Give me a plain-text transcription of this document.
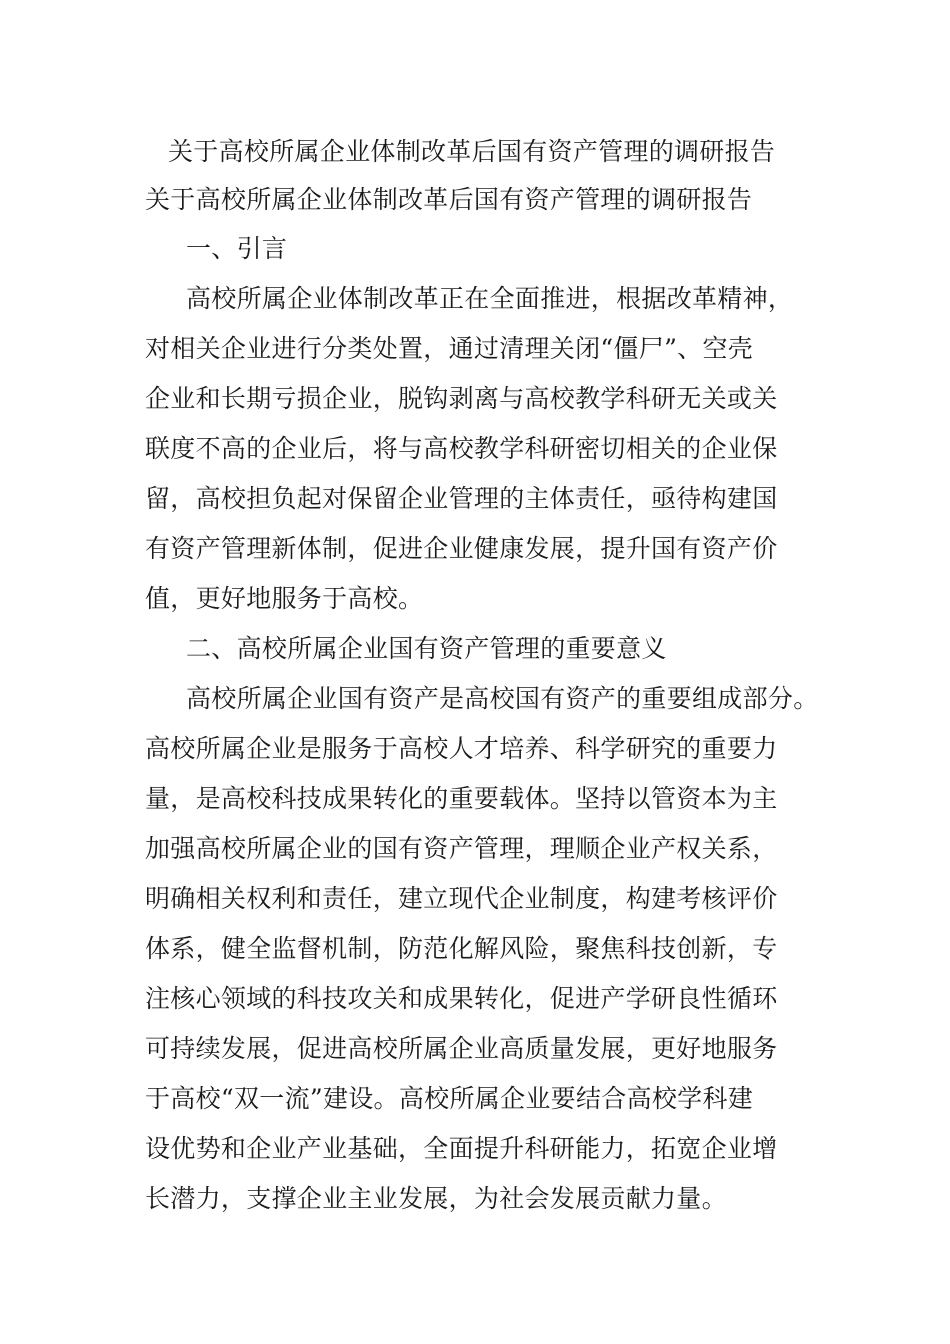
关于高校所属企业体制改革后国有资产管理的调研报告
关于高校所属企业体制改革后国有资产管理的调研报告
一、引言
高校所属企业体制改革正在全面推进，根据改革精神，
对相关企业进行分类处置，通过清理关闭“僵尸”、空壳
企业和长期亏损企业，脱钩剥离与高校教学科研无关或关
联度不高的企业后，将与高校教学科研密切相关的企业保
留，高校担负起对保留企业管理的主体责任，亟待构建国
有资产管理新体制，促进企业健康发展，提升国有资产价
值，更好地服务于高校。
二、高校所属企业国有资产管理的重要意义
高校所属企业国有资产是高校国有资产的重要组成部分。
高校所属企业是服务于高校人才培养、科学研究的重要力
量，是高校科技成果转化的重要载体。坚持以管资本为主
加强高校所属企业的国有资产管理，理顺企业产权关系，
明确相关权利和责任，建立现代企业制度，构建考核评价
体系，健全监督机制，防范化解风险，聚焦科技创新，专
注核心领域的科技攻关和成果转化，促进产学研良性循环
可持续发展，促进高校所属企业高质量发展，更好地服务
于高校“双一流”建设。高校所属企业要结合高校学科建
设优势和企业产业基础，全面提升科研能力，拓宽企业增
长潜力，支撑企业主业发展，为社会发展贡献力量。
